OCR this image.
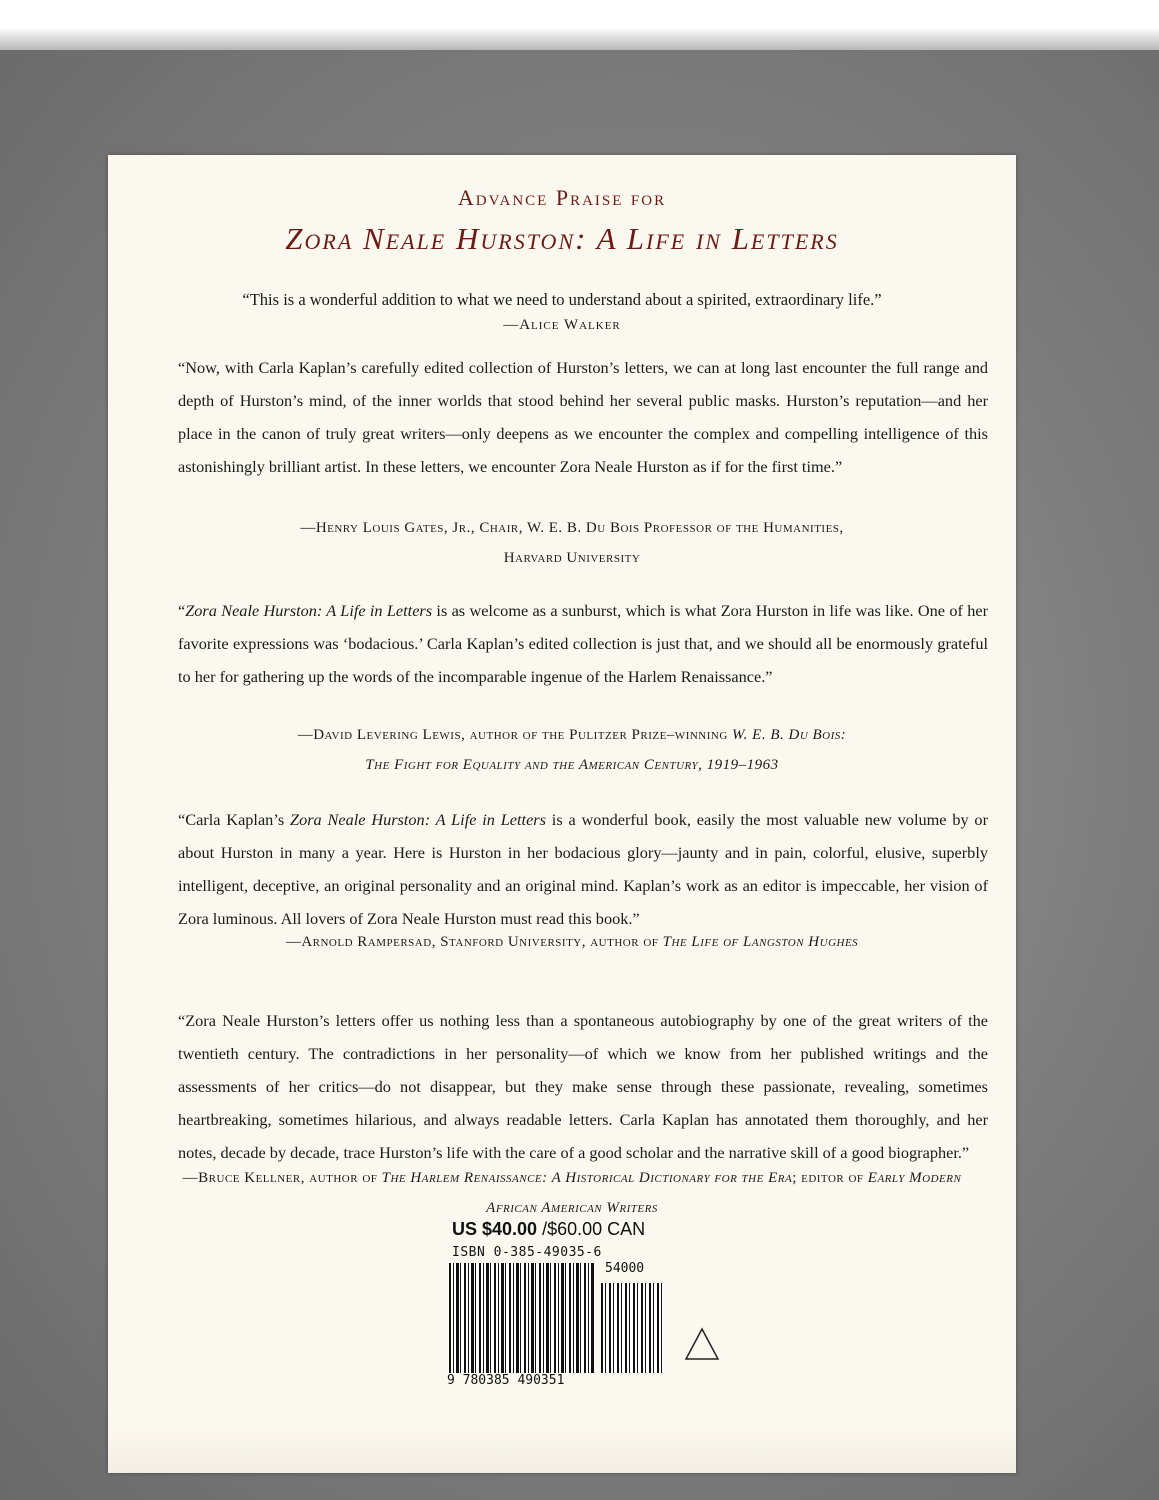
Advance Praise for
Zora Neale Hurston: A Life in Letters
“This is a wonderful addition to what we need to understand about a spirited, extraordinary life.”
—Alice Walker
“Now, with Carla Kaplan’s carefully edited collection of Hurston’s letters, we can at long last encounter the full range and depth of Hurston’s mind, of the inner worlds that stood behind her several public masks. Hurston’s reputation—and her place in the canon of truly great writers—only deepens as we encounter the complex and compelling intelligence of this astonishingly brilliant artist. In these letters, we encounter Zora Neale Hurston as if for the first time.”
—Henry Louis Gates, Jr., Chair, W. E. B. Du Bois Professor of the Humanities,
Harvard University
“Zora Neale Hurston: A Life in Letters is as welcome as a sunburst, which is what Zora Hurston in life was like. One of her favorite expressions was ‘bodacious.’ Carla Kaplan’s edited collection is just that, and we should all be enormously grateful to her for gathering up the words of the incomparable ingenue of the Harlem Renaissance.”
—David Levering Lewis, author of the Pulitzer Prize–winning W. E. B. Du Bois:
The Fight for Equality and the American Century, 1919–1963
“Carla Kaplan’s Zora Neale Hurston: A Life in Letters is a wonderful book, easily the most valuable new volume by or about Hurston in many a year. Here is Hurston in her bodacious glory—jaunty and in pain, colorful, elusive, superbly intelligent, deceptive, an original personality and an original mind. Kaplan’s work as an editor is impeccable, her vision of Zora luminous. All lovers of Zora Neale Hurston must read this book.”
—Arnold Rampersad, Stanford University, author of The Life of Langston Hughes
“Zora Neale Hurston’s letters offer us nothing less than a spontaneous autobiography by one of the great writers of the twentieth century. The contradictions in her personality—of which we know from her published writings and the assessments of her critics—do not disappear, but they make sense through these passionate, revealing, sometimes heartbreaking, sometimes hilarious, and always readable letters. Carla Kaplan has annotated them thoroughly, and her notes, decade by decade, trace Hurston’s life with the care of a good scholar and the narrative skill of a good biographer.”
—Bruce Kellner, author of The Harlem Renaissance: A Historical Dictionary for the Era; editor of Early Modern African American Writers
US $40.00 /$60.00 CAN
ISBN 0-385-49035-6
54000
9 780385 490351
